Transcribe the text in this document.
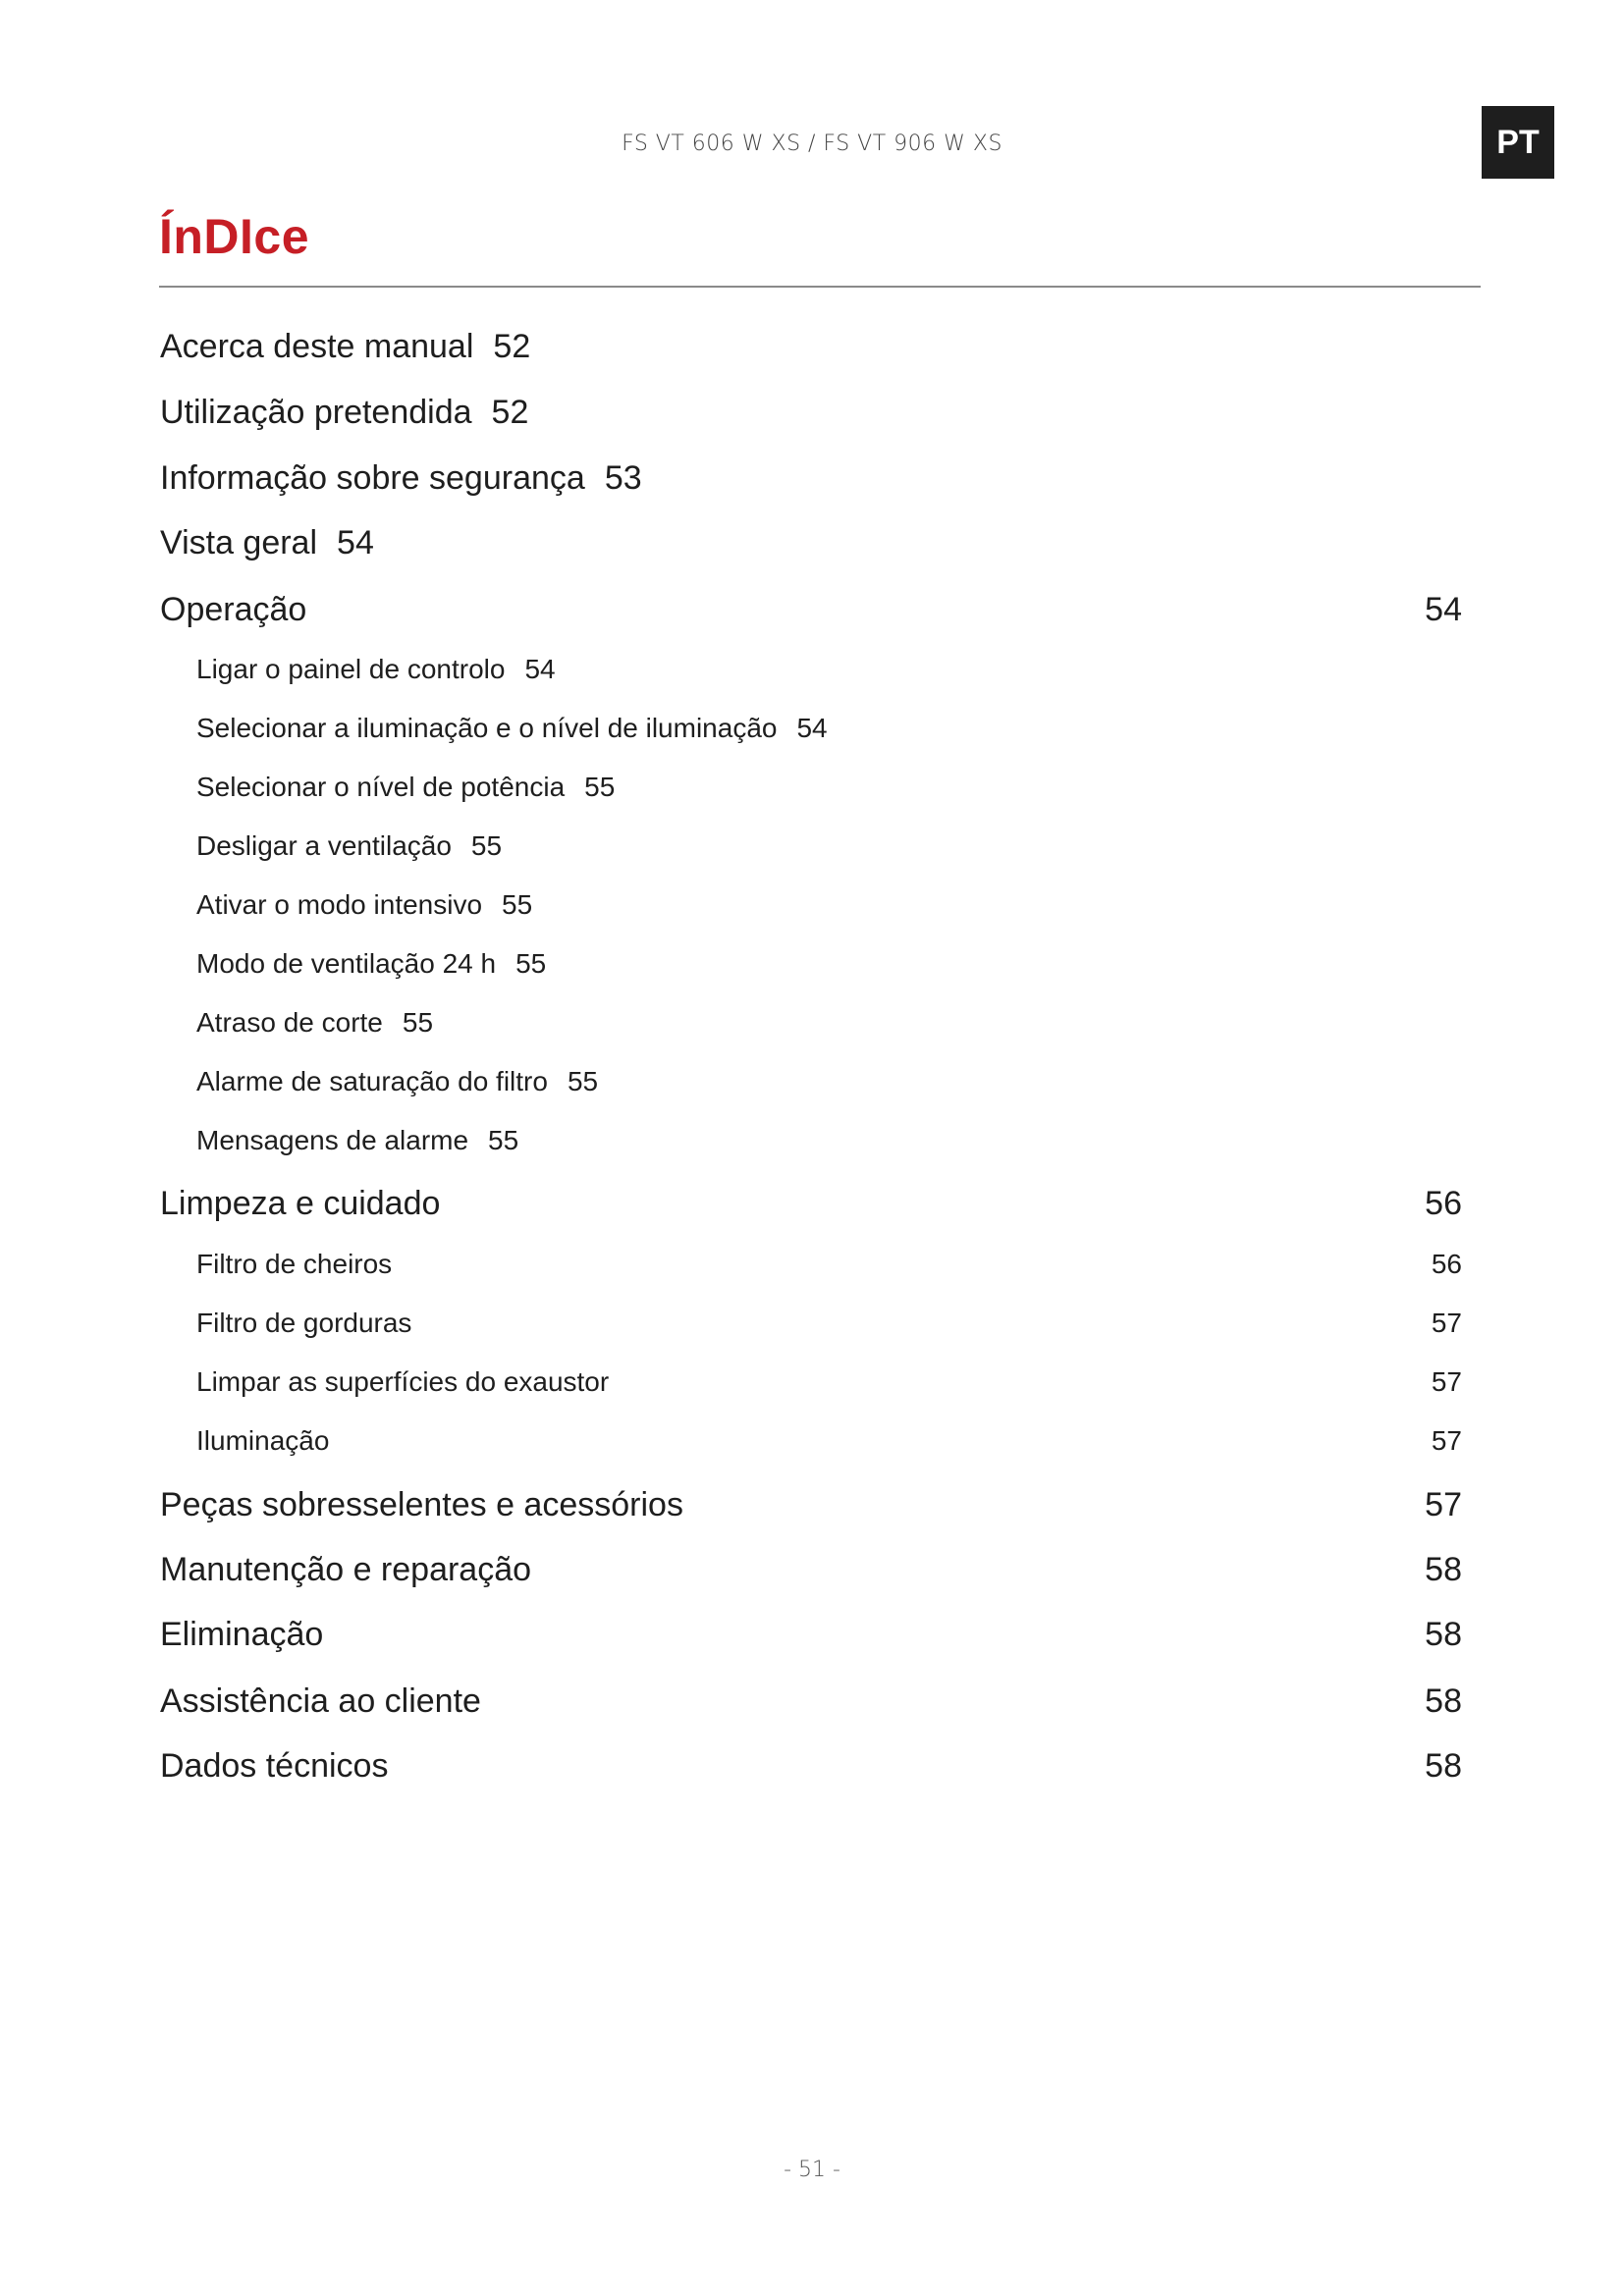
FS VT 606 W XS / FS VT 906 W XS	PT
ÍnDIce
Acerca deste manual 52
Utilização pretendida 52
Informação sobre segurança 53
Vista geral 54
Operação	54
Ligar o painel de controlo 54
Selecionar a iluminação e o nível de iluminação 54
Selecionar o nível de potência 55
Desligar a ventilação 55
Ativar o modo intensivo 55
Modo de ventilação 24 h 55
Atraso de corte 55
Alarme de saturação do filtro 55
Mensagens de alarme 55
Limpeza e cuidado	56
Filtro de cheiros	56
Filtro de gorduras	57
Limpar as superfícies do exaustor	57
Iluminação	57
Peças sobresselentes e acessórios	57
Manutenção e reparação	58
Eliminação	58
Assistência ao cliente	58
Dados técnicos	58
- 51 -
